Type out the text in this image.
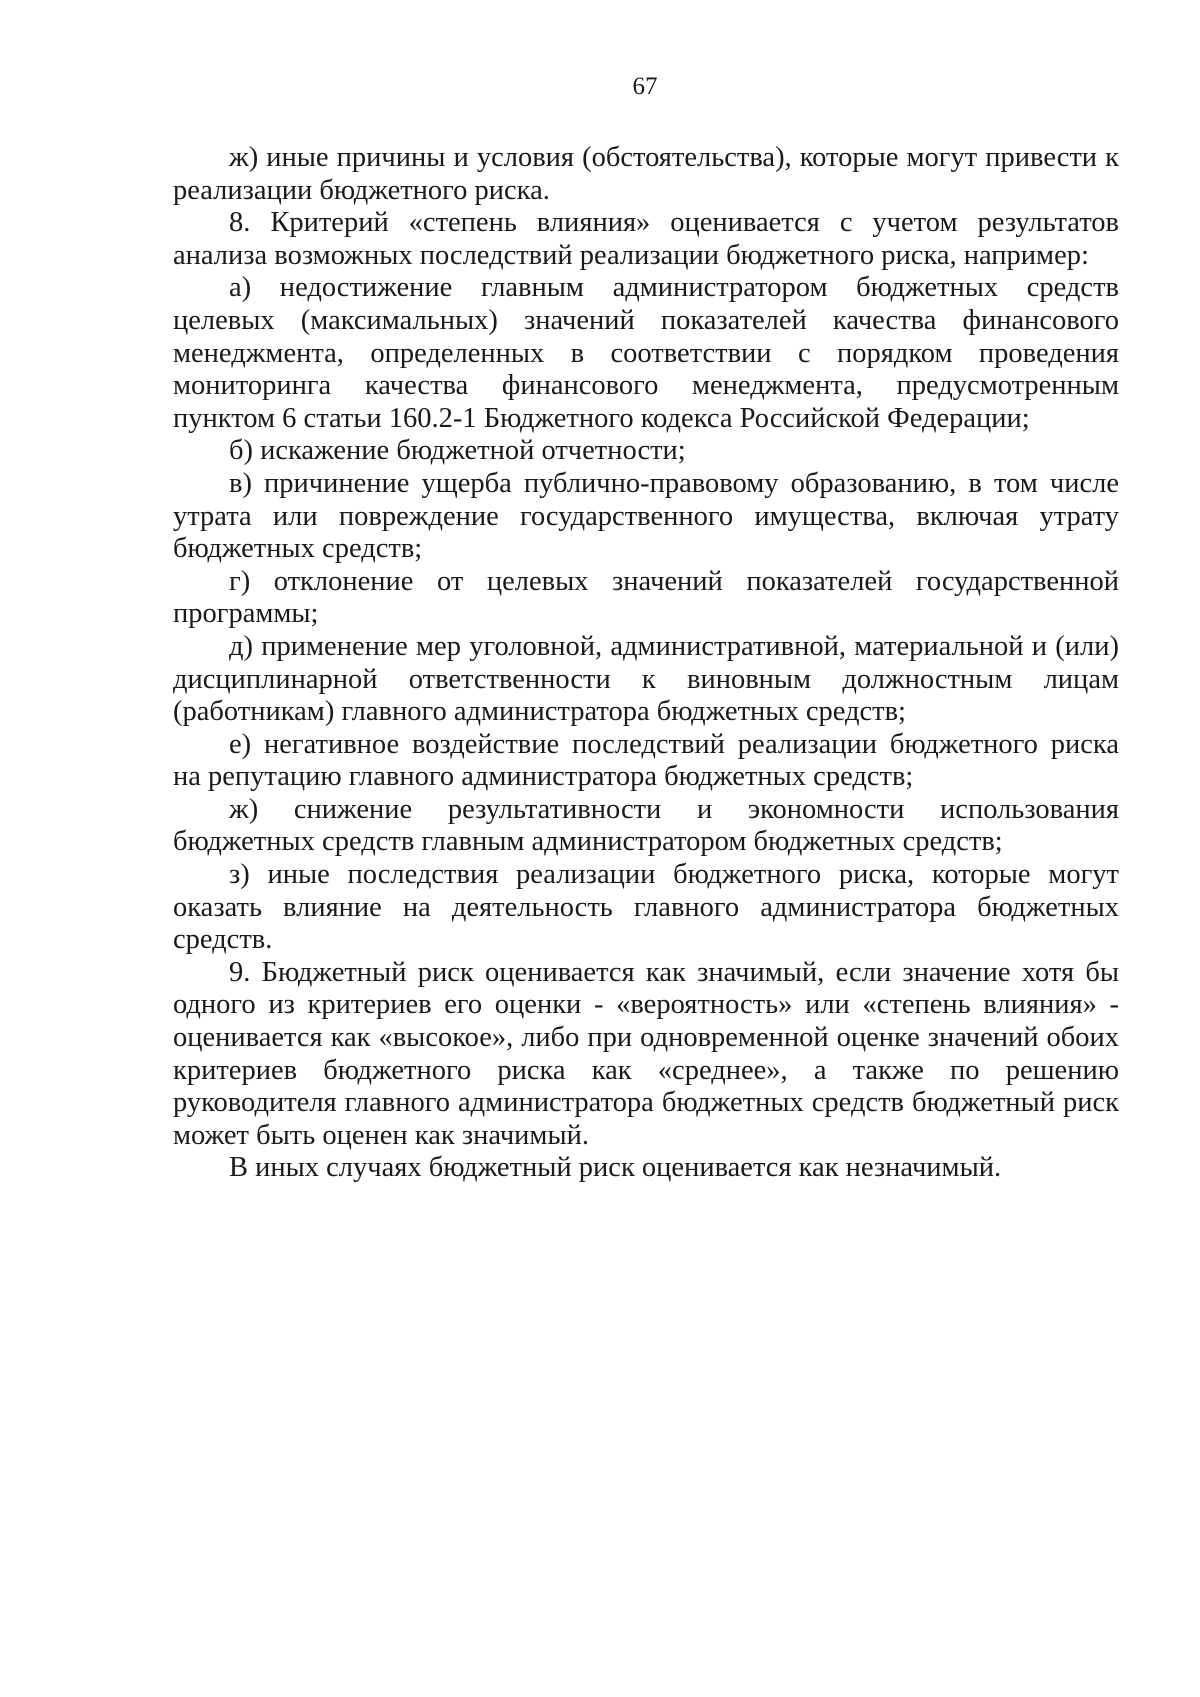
67

ж) иные причины и условия (обстоятельства), которые могут привести к реализации бюджетного риска.

8. Критерий «степень влияния» оценивается с учетом результатов анализа возможных последствий реализации бюджетного риска, например:

а) недостижение главным администратором бюджетных средств целевых (максимальных) значений показателей качества финансового менеджмента, определенных в соответствии с порядком проведения мониторинга качества финансового менеджмента, предусмотренным пунктом 6 статьи 160.2-1 Бюджетного кодекса Российской Федерации;

б) искажение бюджетной отчетности;

в) причинение ущерба публично-правовому образованию, в том числе утрата или повреждение государственного имущества, включая утрату бюджетных средств;

г) отклонение от целевых значений показателей государственной программы;

д) применение мер уголовной, административной, материальной и (или) дисциплинарной ответственности к виновным должностным лицам (работникам) главного администратора бюджетных средств;

е) негативное воздействие последствий реализации бюджетного риска на репутацию главного администратора бюджетных средств;

ж) снижение результативности и экономности использования бюджетных средств главным администратором бюджетных средств;

з) иные последствия реализации бюджетного риска, которые могут оказать влияние на деятельность главного администратора бюджетных средств.

9. Бюджетный риск оценивается как значимый, если значение хотя бы одного из критериев его оценки - «вероятность» или «степень влияния» - оценивается как «высокое», либо при одновременной оценке значений обоих критериев бюджетного риска как «среднее», а также по решению руководителя главного администратора бюджетных средств бюджетный риск может быть оценен как значимый.

В иных случаях бюджетный риск оценивается как незначимый.
